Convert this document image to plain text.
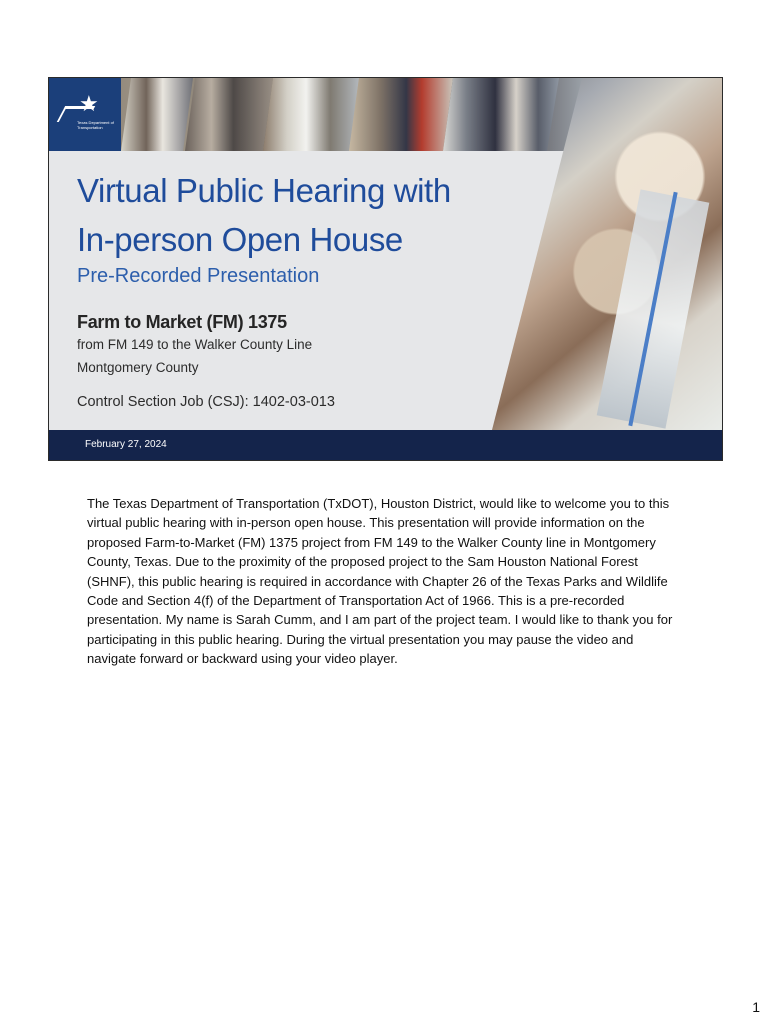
★
Texas Department of Transportation
Virtual Public Hearing with
In-person Open House
Pre-Recorded Presentation
Farm to Market (FM) 1375

from FM 149 to the Walker County Line

Montgomery County

Control Section Job (CSJ): 1402-03-013

February 27, 2024

The Texas Department of Transportation (TxDOT), Houston District, would like to welcome you to this virtual public hearing with in-person open house. This presentation will provide information on the proposed Farm-to-Market (FM) 1375 project from FM 149 to the Walker County line in Montgomery County, Texas. Due to the proximity of the proposed project to the Sam Houston National Forest (SHNF), this public hearing is required in accordance with Chapter 26 of the Texas Parks and Wildlife Code and Section 4(f) of the Department of Transportation Act of 1966. This is a pre-recorded presentation. My name is Sarah Cumm, and I am part of the project team. I would like to thank you for participating in this public hearing. During the virtual presentation you may pause the video and navigate forward or backward using your video player.

1
